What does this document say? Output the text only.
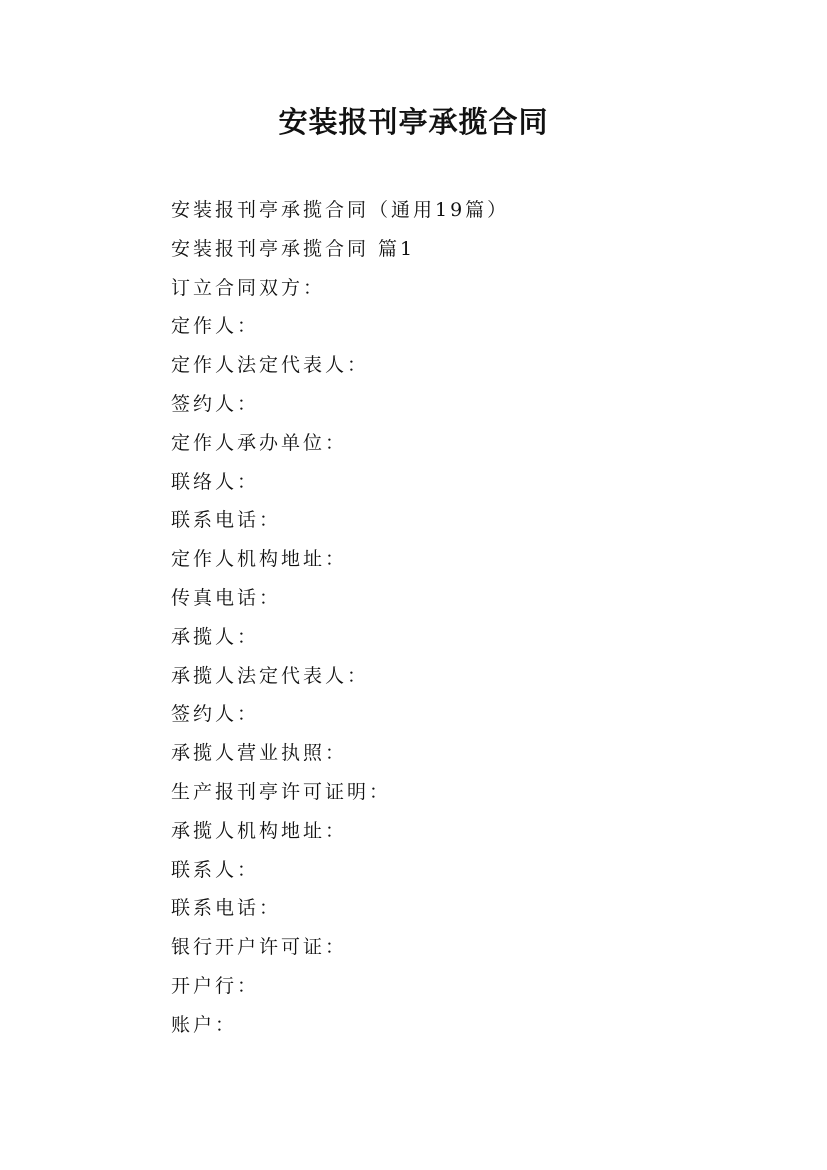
安装报刊亭承揽合同

安装报刊亭承揽合同（通用19篇）

安装报刊亭承揽合同 篇1

订立合同双方：

定作人：

定作人法定代表人：

签约人：

定作人承办单位：

联络人：

联系电话：

定作人机构地址：

传真电话：

承揽人：

承揽人法定代表人：

签约人：

承揽人营业执照：

生产报刊亭许可证明：

承揽人机构地址：

联系人：

联系电话：

银行开户许可证：

开户行：

账户：
